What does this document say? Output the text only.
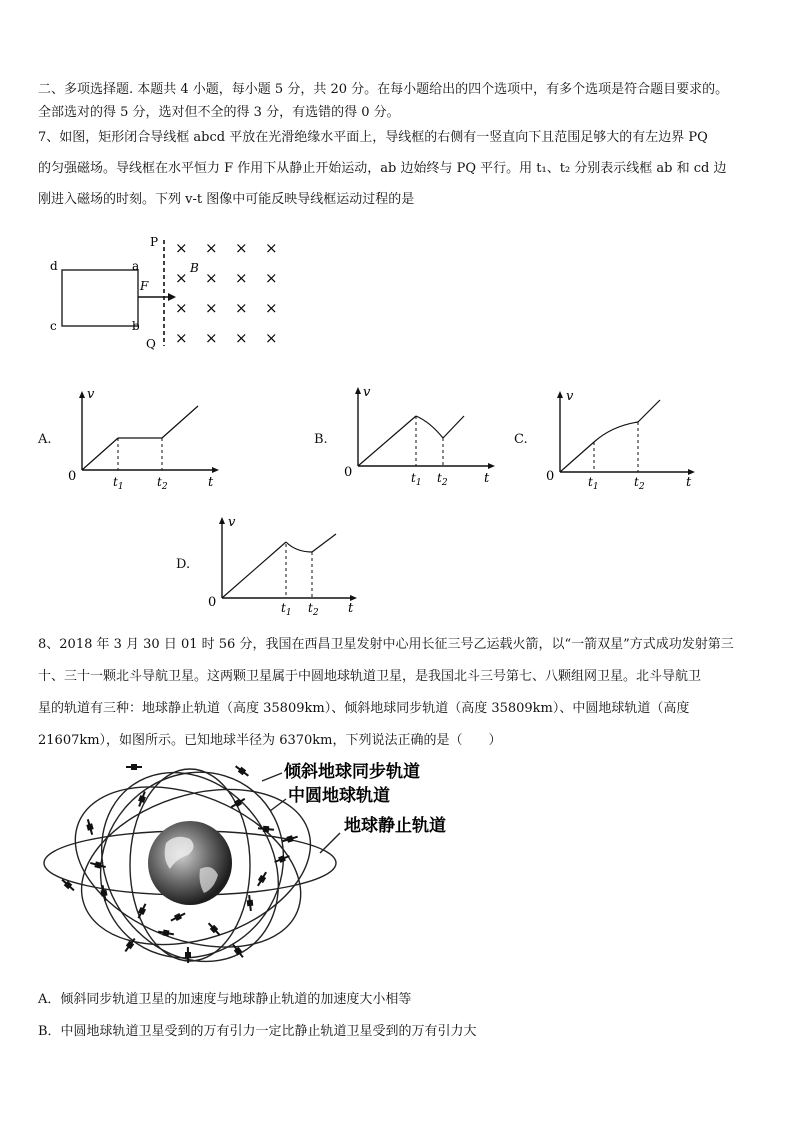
二、多项选择题. 本题共 4 小题，每小题 5 分，共 20 分。在每小题给出的四个选项中，有多个选项是符合题目要求的。
全部选对的得 5 分，选对但不全的得 3 分，有选错的得 0 分。
7、如图，矩形闭合导线框 abcd 平放在光滑绝缘水平面上，导线框的右侧有一竖直向下且范围足够大的有左边界 PQ
的匀强磁场。导线框在水平恒力 F 作用下从静止开始运动，ab 边始终与 PQ 平行。用 t₁、t₂ 分别表示线框 ab 和 cd 边
刚进入磁场的时刻。下列 v-t 图像中可能反映导线框运动过程的是
d	a
c	b
F
P
Q
B
× × × ×
× × × ×
× × × ×
× × × ×
A.
v
t
0	$t_1$	$t_2$
B.
v
t
0	$t_1$ $t_2$
C.
v
t
0	$t_1$	$t_2$
D.
v
t
0	$t_1$ $t_2$
8、2018 年 3 月 30 日 01 时 56 分，我国在西昌卫星发射中心用长征三号乙运载火箭，以“一箭双星”方式成功发射第三
十、三十一颗北斗导航卫星。这两颗卫星属于中圆地球轨道卫星，是我国北斗三号第七、八颗组网卫星。北斗导航卫
星的轨道有三种：地球静止轨道（高度 35809km）、倾斜地球同步轨道（高度 35809km）、中圆地球轨道（高度
21607km），如图所示。已知地球半径为 6370km，下列说法正确的是（　　）
倾斜地球同步轨道
中圆地球轨道
地球静止轨道
A．倾斜同步轨道卫星的加速度与地球静止轨道的加速度大小相等
B．中圆地球轨道卫星受到的万有引力一定比静止轨道卫星受到的万有引力大
